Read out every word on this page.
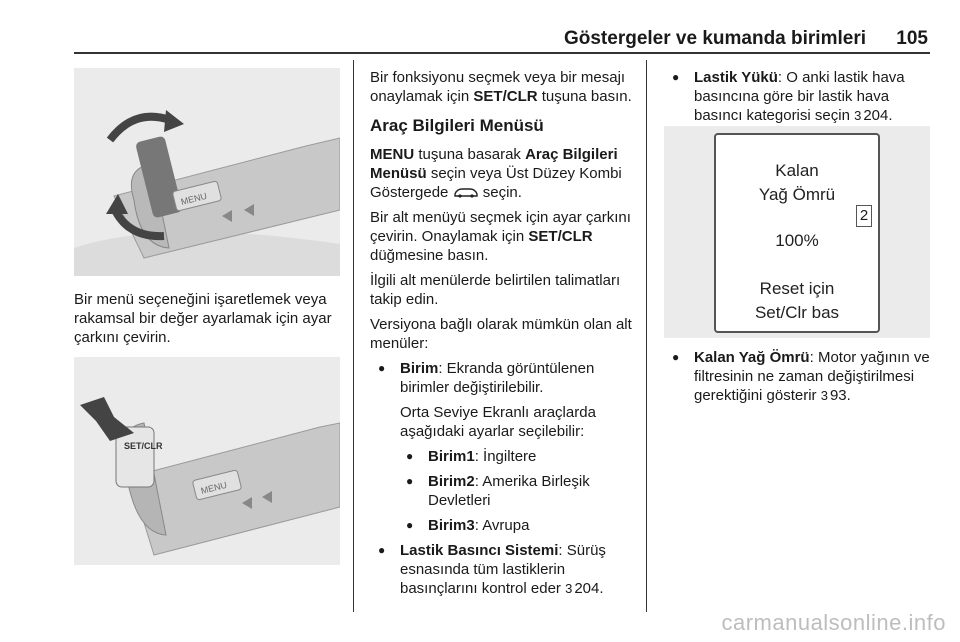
Göstergeler ve kumanda birimleri 105
MENU

Bir menü seçeneğini işaretlemek veya rakamsal bir değer ayarlamak için ayar çarkını çevirin.

SET/CLR
MENU

Bir fonksiyonu seçmek veya bir mesajı onaylamak için SET/CLR tuşuna basın.

Araç Bilgileri Menüsü

MENU tuşuna basarak Araç Bilgileri Menüsü seçin veya Üst Düzey Kombi Göstergede  seçin.

Bir alt menüyü seçmek için ayar çarkını çevirin. Onaylamak için SET/CLR düğmesine basın.

İlgili alt menülerde belirtilen talimatları takip edin.

Versiyona bağlı olarak mümkün olan alt menüler:

● Birim: Ekranda görüntülenen birimler değiştirilebilir.
Orta Seviye Ekranlı araçlarda aşağıdaki ayarlar seçilebilir:
● Birim1: İngiltere
● Birim2: Amerika Birleşik Devletleri
● Birim3: Avrupa
● Lastik Basıncı Sistemi: Sürüş esnasında tüm lastiklerin basınçlarını kontrol eder 3 204.
● Lastik Yükü: O anki lastik hava basıncına göre bir lastik hava basıncı kategorisi seçin 3 204.
Kalan
Yağ Ömrü
100%
Reset için
Set/Clr bas
2
● Kalan Yağ Ömrü: Motor yağının ve filtresinin ne zaman değiştirilmesi gerektiğini gösterir 3 93.
carmanualsonline.info
